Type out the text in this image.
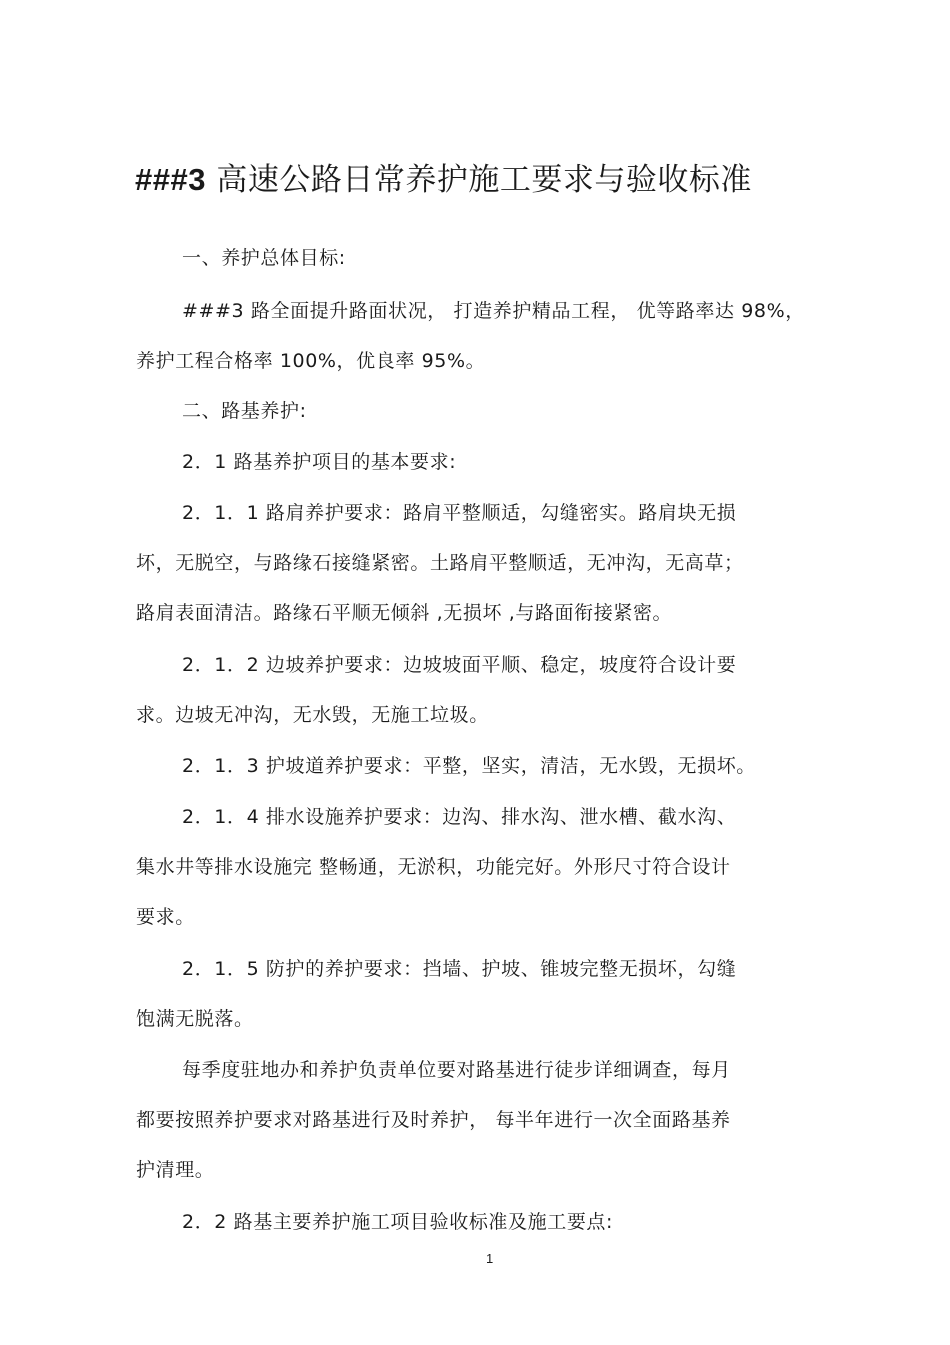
###3 高速公路日常养护施工要求与验收标准
一、养护总体目标:
###3 路全面提升路面状况， 打造养护精品工程， 优等路率达 98%，
养护工程合格率 100%，优良率 95%。
二、路基养护:
2．1 路基养护项目的基本要求:
2．1．1 路肩养护要求：路肩平整顺适，勾缝密实。路肩块无损
坏，无脱空，与路缘石接缝紧密。土路肩平整顺适，无冲沟，无高草；
路肩表面清洁。路缘石平顺无倾斜 ,无损坏 ,与路面衔接紧密。
2．1．2 边坡养护要求：边坡坡面平顺、稳定，坡度符合设计要
求。边坡无冲沟，无水毁，无施工垃圾。
2．1．3 护坡道养护要求：平整，坚实，清洁，无水毁，无损坏。
2．1．4 排水设施养护要求：边沟、排水沟、泄水槽、截水沟、
集水井等排水设施完 整畅通，无淤积，功能完好。外形尺寸符合设计
要求。
2．1．5 防护的养护要求：挡墙、护坡、锥坡完整无损坏，勾缝
饱满无脱落。
每季度驻地办和养护负责单位要对路基进行徒步详细调查，每月
都要按照养护要求对路基进行及时养护， 每半年进行一次全面路基养
护清理。
2．2 路基主要养护施工项目验收标准及施工要点:
1
